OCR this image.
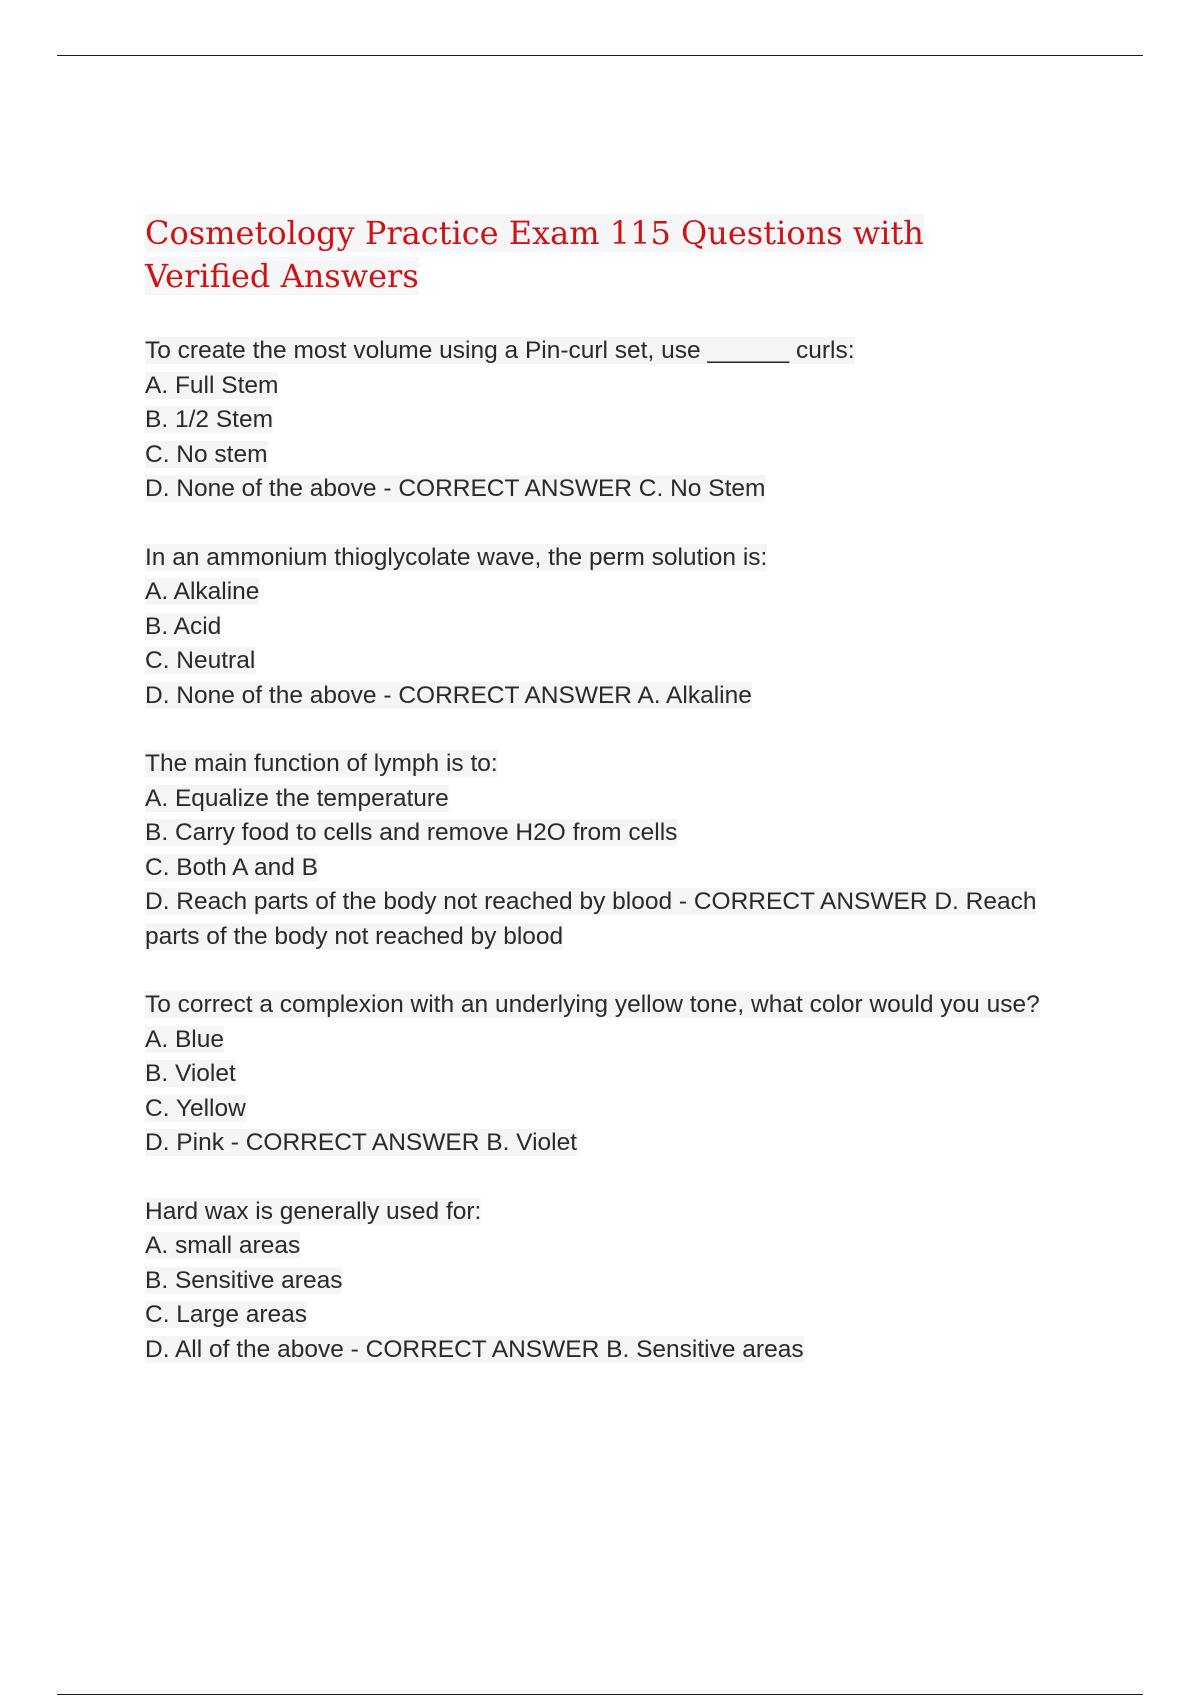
Cosmetology Practice Exam 115 Questions with Verified Answers
To create the most volume using a Pin-curl set, use ______ curls:
A. Full Stem
B. 1/2 Stem
C. No stem
D. None of the above - CORRECT ANSWER C. No Stem
In an ammonium thioglycolate wave, the perm solution is:
A. Alkaline
B. Acid
C. Neutral
D. None of the above - CORRECT ANSWER A. Alkaline
The main function of lymph is to:
A. Equalize the temperature
B. Carry food to cells and remove H2O from cells
C. Both A and B
D. Reach parts of the body not reached by blood - CORRECT ANSWER D. Reach parts of the body not reached by blood
To correct a complexion with an underlying yellow tone, what color would you use?
A. Blue
B. Violet
C. Yellow
D. Pink - CORRECT ANSWER B. Violet
Hard wax is generally used for:
A. small areas
B. Sensitive areas
C. Large areas
D. All of the above - CORRECT ANSWER B. Sensitive areas
